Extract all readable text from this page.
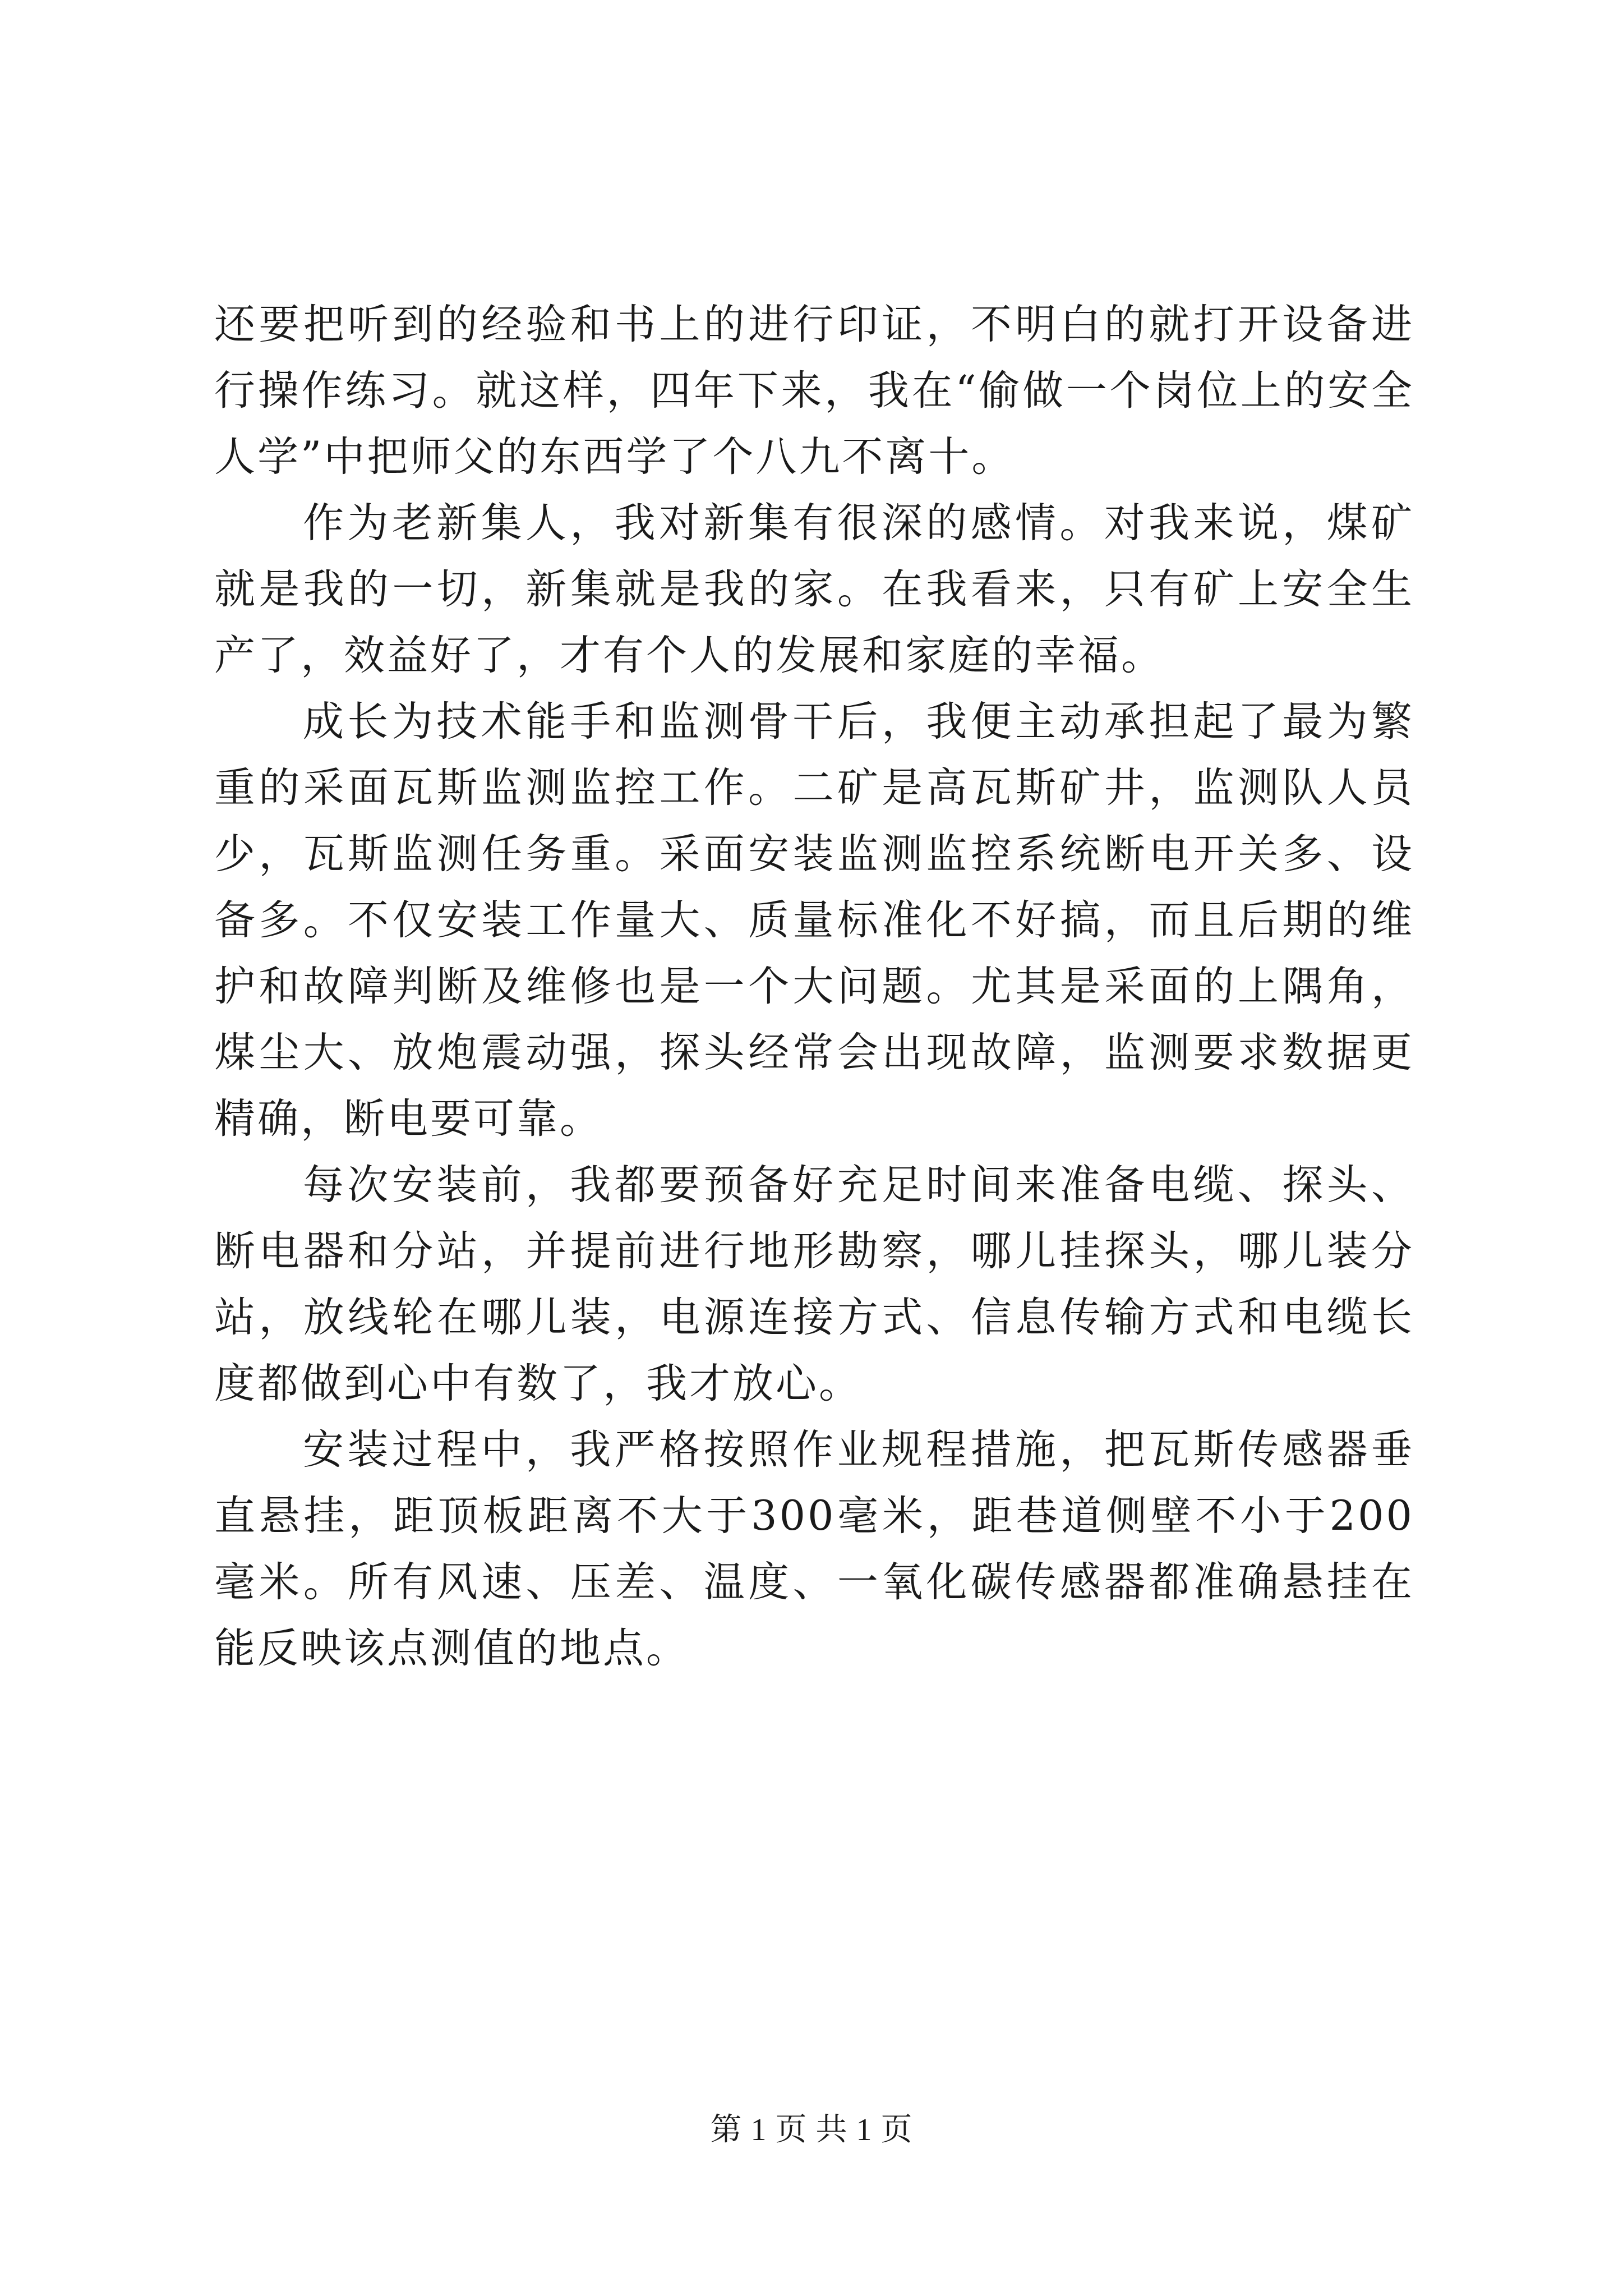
还要把听到的经验和书上的进行印证，不明白的就打开设备进行操作练习。就这样，四年下来，我在“偷做一个岗位上的安全人学”中把师父的东西学了个八九不离十。

作为老新集人，我对新集有很深的感情。对我来说，煤矿就是我的一切，新集就是我的家。在我看来，只有矿上安全生产了，效益好了，才有个人的发展和家庭的幸福。

成长为技术能手和监测骨干后，我便主动承担起了最为繁重的采面瓦斯监测监控工作。二矿是高瓦斯矿井，监测队人员少，瓦斯监测任务重。采面安装监测监控系统断电开关多、设备多。不仅安装工作量大、质量标准化不好搞，而且后期的维护和故障判断及维修也是一个大问题。尤其是采面的上隅角，煤尘大、放炮震动强，探头经常会出现故障，监测要求数据更精确，断电要可靠。

每次安装前，我都要预备好充足时间来准备电缆、探头、断电器和分站，并提前进行地形勘察，哪儿挂探头，哪儿装分站，放线轮在哪儿装，电源连接方式、信息传输方式和电缆长度都做到心中有数了，我才放心。

安装过程中，我严格按照作业规程措施，把瓦斯传感器垂直悬挂，距顶板距离不大于300毫米，距巷道侧壁不小于200毫米。所有风速、压差、温度、一氧化碳传感器都准确悬挂在能反映该点测值的地点。

第 1 页 共 1 页
